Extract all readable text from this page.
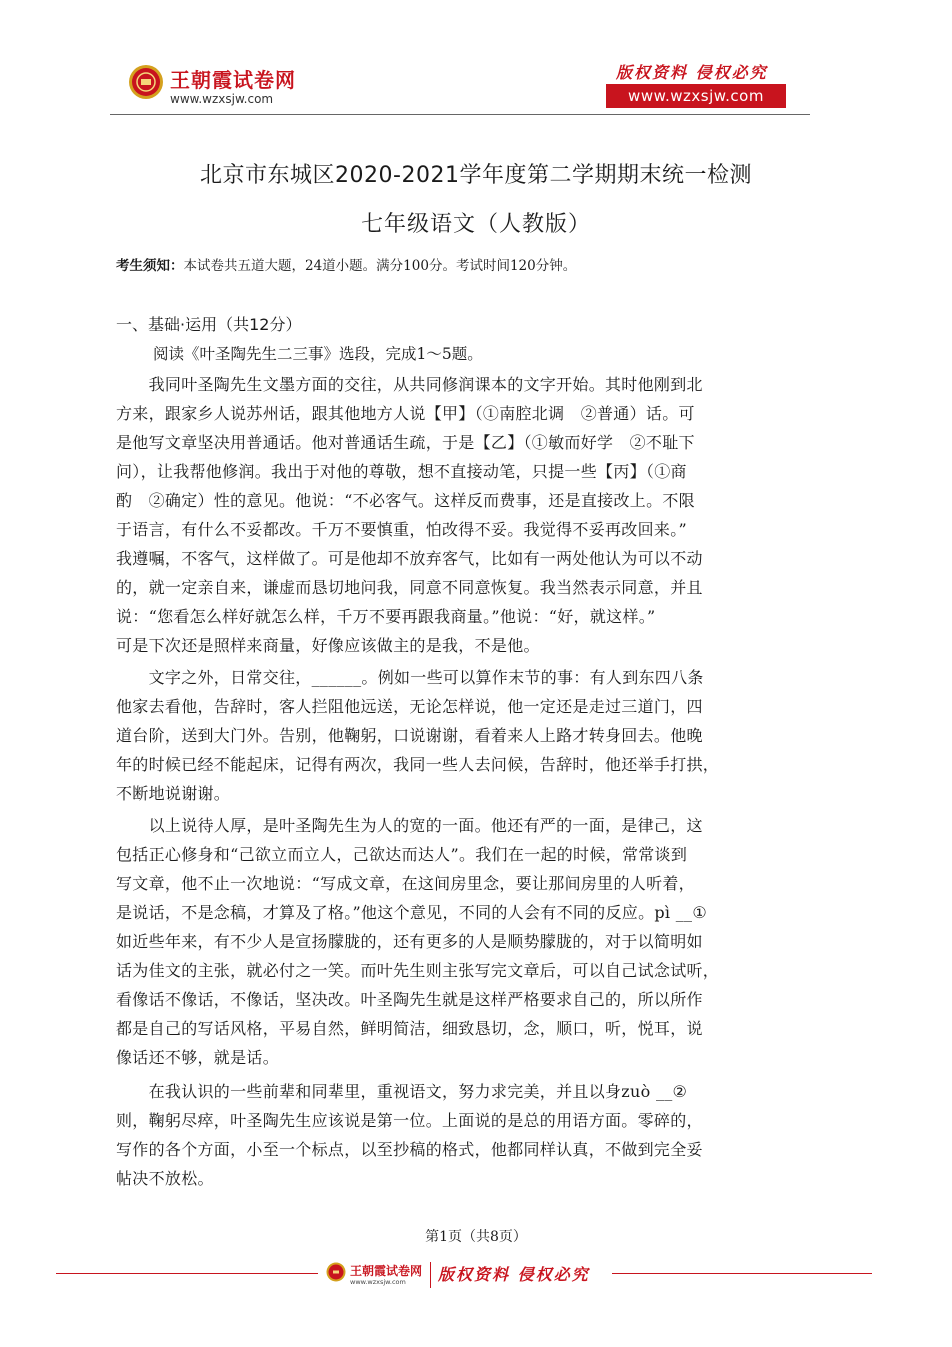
王朝霞试卷网
www.wzxsjw.com
版权资料 侵权必究
www.wzxsjw.com
北京市东城区2020-2021学年度第二学期期末统一检测
七年级语文（人教版）
考生须知：本试卷共五道大题，24道小题。满分100分。考试时间120分钟。
一、基础·运用（共12分）
阅读《叶圣陶先生二三事》选段，完成1～5题。
　　我同叶圣陶先生文墨方面的交往，从共同修润课本的文字开始。其时他刚到北
方来，跟家乡人说苏州话，跟其他地方人说【甲】（①南腔北调　②普通）话。可
是他写文章坚决用普通话。他对普通话生疏，于是【乙】（①敏而好学　②不耻下
问），让我帮他修润。我出于对他的尊敬，想不直接动笔，只提一些【丙】（①商
酌　②确定）性的意见。他说：“不必客气。这样反而费事，还是直接改上。不限
于语言，有什么不妥都改。千万不要慎重，怕改得不妥。我觉得不妥再改回来。”
我遵嘱，不客气，这样做了。可是他却不放弃客气，比如有一两处他认为可以不动
的，就一定亲自来，谦虚而恳切地问我，同意不同意恢复。我当然表示同意，并且
说：“您看怎么样好就怎么样，千万不要再跟我商量。”他说：“好，就这样。”
可是下次还是照样来商量，好像应该做主的是我，不是他。
　　文字之外，日常交往，______。例如一些可以算作末节的事：有人到东四八条
他家去看他，告辞时，客人拦阻他远送，无论怎样说，他一定还是走过三道门，四
道台阶，送到大门外。告别，他鞠躬，口说谢谢，看着来人上路才转身回去。他晚
年的时候已经不能起床，记得有两次，我同一些人去问候，告辞时，他还举手打拱，
不断地说谢谢。
　　以上说待人厚，是叶圣陶先生为人的宽的一面。他还有严的一面，是律己，这
包括正心修身和“己欲立而立人，己欲达而达人”。我们在一起的时候，常常谈到
写文章，他不止一次地说：“写成文章，在这间房里念，要让那间房里的人听着，
是说话，不是念稿，才算及了格。”他这个意见，不同的人会有不同的反应。pì __①
如近些年来，有不少人是宣扬朦胧的，还有更多的人是顺势朦胧的，对于以简明如
话为佳文的主张，就必付之一笑。而叶先生则主张写完文章后，可以自己试念试听，
看像话不像话，不像话，坚决改。叶圣陶先生就是这样严格要求自己的，所以所作
都是自己的写话风格，平易自然，鲜明简洁，细致恳切，念，顺口，听，悦耳，说
像话还不够，就是话。
　　在我认识的一些前辈和同辈里，重视语文，努力求完美，并且以身zuò __②
则，鞠躬尽瘁，叶圣陶先生应该说是第一位。上面说的是总的用语方面。零碎的，
写作的各个方面，小至一个标点，以至抄稿的格式，他都同样认真，不做到完全妥
帖决不放松。
第1页（共8页）
王朝霞试卷网
www.wzxsjw.com 版权资料 侵权必究
